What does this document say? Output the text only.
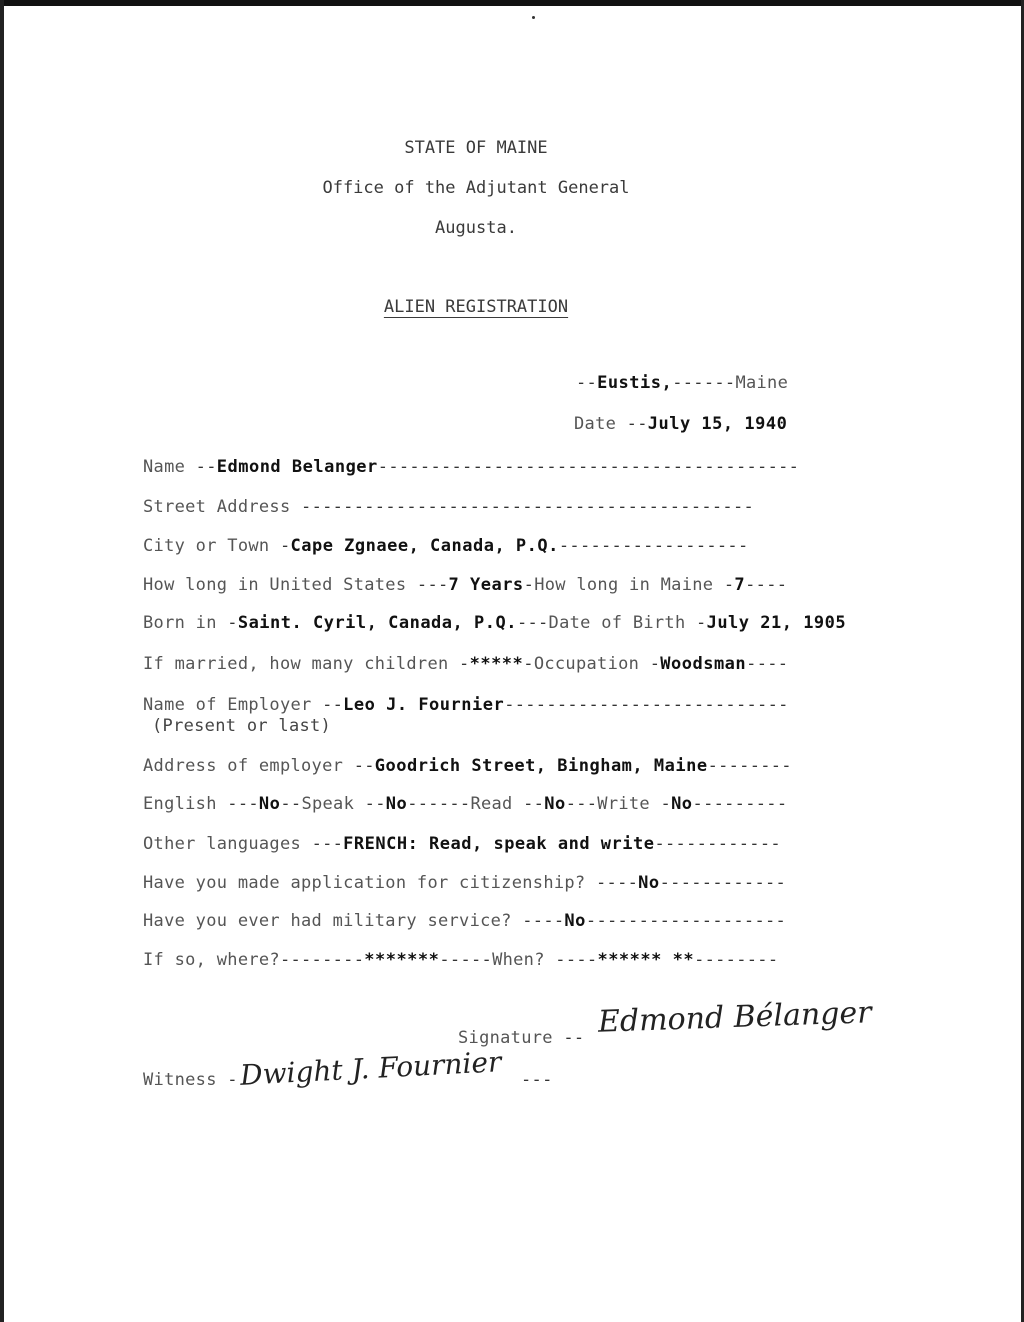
STATE OF MAINE
Office of the Adjutant General
Augusta.
ALIEN REGISTRATION
--Eustis,------Maine
Date --July 15, 1940
Name --Edmond Belanger----------------------------------------
Street Address -------------------------------------------
City or Town -Cape Zgnaee, Canada, P.Q.------------------
How long in United States ---7 Years-How long in Maine -7----
Born in -Saint. Cyril, Canada, P.Q.---Date of Birth -July 21, 1905
If married, how many children -*****-Occupation -Woodsman----
Name of Employer --Leo J. Fournier---------------------------
(Present or last)
Address of employer --Goodrich Street, Bingham, Maine--------
English ---No--Speak --No------Read --No---Write -No---------
Other languages ---FRENCH: Read, speak and write------------
Have you made application for citizenship? ----No------------
Have you ever had military service? ----No-------------------
If so, where?--------*******-----When? ----****** **--------
Signature -- Edmond Bélanger
Witness - Dwight J. Fournier ---
